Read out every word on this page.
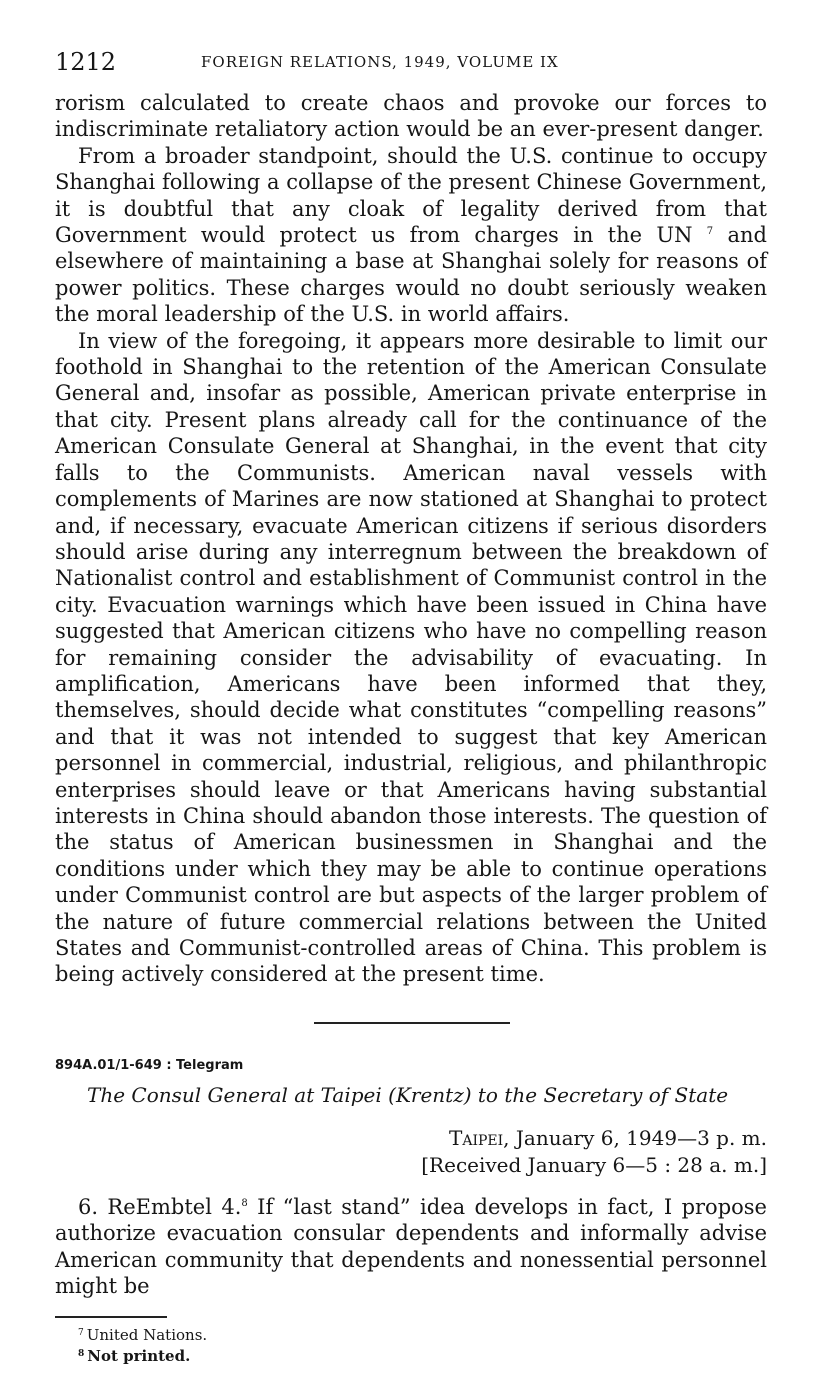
1212	FOREIGN RELATIONS, 1949, VOLUME IX

rorism calculated to create chaos and provoke our forces to indiscriminate retaliatory action would be an ever-present danger.

From a broader standpoint, should the U.S. continue to occupy Shanghai following a collapse of the present Chinese Government, it is doubtful that any cloak of legality derived from that Government would protect us from charges in the UN $^7$ and elsewhere of maintaining a base at Shanghai solely for reasons of power politics. These charges would no doubt seriously weaken the moral leadership of the U.S. in world affairs.

In view of the foregoing, it appears more desirable to limit our foothold in Shanghai to the retention of the American Consulate General and, insofar as possible, American private enterprise in that city. Present plans already call for the continuance of the American Consulate General at Shanghai, in the event that city falls to the Communists. American naval vessels with complements of Marines are now stationed at Shanghai to protect and, if necessary, evacuate American citizens if serious disorders should arise during any interregnum between the breakdown of Nationalist control and establishment of Communist control in the city. Evacuation warnings which have been issued in China have suggested that American citizens who have no compelling reason for remaining consider the advisability of evacuating. In amplification, Americans have been informed that they, themselves, should decide what constitutes “compelling reasons” and that it was not intended to suggest that key American personnel in commercial, industrial, religious, and philanthropic enterprises should leave or that Americans having substantial interests in China should abandon those interests. The question of the status of American businessmen in Shanghai and the conditions under which they may be able to continue operations under Communist control are but aspects of the larger problem of the nature of future commercial relations between the United States and Communist-controlled areas of China. This problem is being actively considered at the present time.

894A.01/1-649 : Telegram
The Consul General at Taipei (Krentz) to the Secretary of State
Taipei, January 6, 1949—3 p. m.
[Received January 6—5 : 28 a. m.]

6. ReEmbtel 4.$^8$ If “last stand” idea develops in fact, I propose authorize evacuation consular dependents and informally advise American community that dependents and nonessential personnel might be

$^7$ United Nations.
$^8$ Not printed.
